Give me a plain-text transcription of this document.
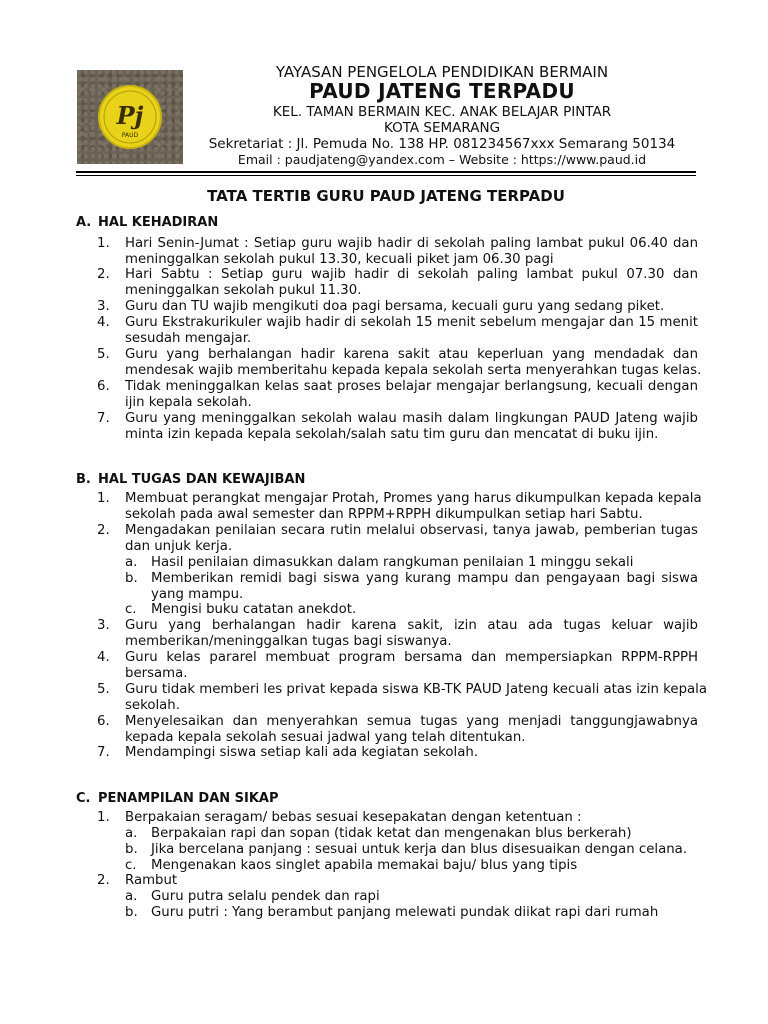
Pj
PAUD
YAYASAN PENGELOLA PENDIDIKAN BERMAIN
PAUD JATENG TERPADU
KEL. TAMAN BERMAIN KEC. ANAK BELAJAR PINTAR
KOTA SEMARANG
Sekretariat : Jl. Pemuda No. 138 HP. 081234567xxx Semarang 50134
Email : paudjateng@yandex.com – Website : https://www.paud.id
TATA TERTIB GURU PAUD JATENG TERPADU
A. HAL KEHADIRAN
1. Hari Senin-Jumat : Setiap guru wajib hadir di sekolah paling lambat pukul 06.40 dan
meninggalkan sekolah pukul 13.30, kecuali piket jam 06.30 pagi
2. Hari Sabtu : Setiap guru wajib hadir di sekolah paling lambat pukul 07.30 dan
meninggalkan sekolah pukul 11.30.
3. Guru dan TU wajib mengikuti doa pagi bersama, kecuali guru yang sedang piket.
4. Guru Ekstrakurikuler wajib hadir di sekolah 15 menit sebelum mengajar dan 15 menit
sesudah mengajar.
5. Guru yang berhalangan hadir karena sakit atau keperluan yang mendadak dan
mendesak wajib memberitahu kepada kepala sekolah serta menyerahkan tugas kelas.
6. Tidak meninggalkan kelas saat proses belajar mengajar berlangsung, kecuali dengan
ijin kepala sekolah.
7. Guru yang meninggalkan sekolah walau masih dalam lingkungan PAUD Jateng wajib
minta izin kepada kepala sekolah/salah satu tim guru dan mencatat di buku ijin.
B. HAL TUGAS DAN KEWAJIBAN
1. Membuat perangkat mengajar Protah, Promes yang harus dikumpulkan kepada kepala
sekolah pada awal semester dan RPPM+RPPH dikumpulkan setiap hari Sabtu.
2. Mengadakan penilaian secara rutin melalui observasi, tanya jawab, pemberian tugas
dan unjuk kerja.
a. Hasil penilaian dimasukkan dalam rangkuman penilaian 1 minggu sekali
b. Memberikan remidi bagi siswa yang kurang mampu dan pengayaan bagi siswa
yang mampu.
c. Mengisi buku catatan anekdot.
3. Guru yang berhalangan hadir karena sakit, izin atau ada tugas keluar wajib
memberikan/meninggalkan tugas bagi siswanya.
4. Guru kelas pararel membuat program bersama dan mempersiapkan RPPM-RPPH
bersama.
5. Guru tidak memberi les privat kepada siswa KB-TK PAUD Jateng kecuali atas izin kepala
sekolah.
6. Menyelesaikan dan menyerahkan semua tugas yang menjadi tanggungjawabnya
kepada kepala sekolah sesuai jadwal yang telah ditentukan.
7. Mendampingi siswa setiap kali ada kegiatan sekolah.
C. PENAMPILAN DAN SIKAP
1. Berpakaian seragam/ bebas sesuai kesepakatan dengan ketentuan :
a. Berpakaian rapi dan sopan (tidak ketat dan mengenakan blus berkerah)
b. Jika bercelana panjang : sesuai untuk kerja dan blus disesuaikan dengan celana.
c. Mengenakan kaos singlet apabila memakai baju/ blus yang tipis
2. Rambut
a. Guru putra selalu pendek dan rapi
b. Guru putri : Yang berambut panjang melewati pundak diikat rapi dari rumah
